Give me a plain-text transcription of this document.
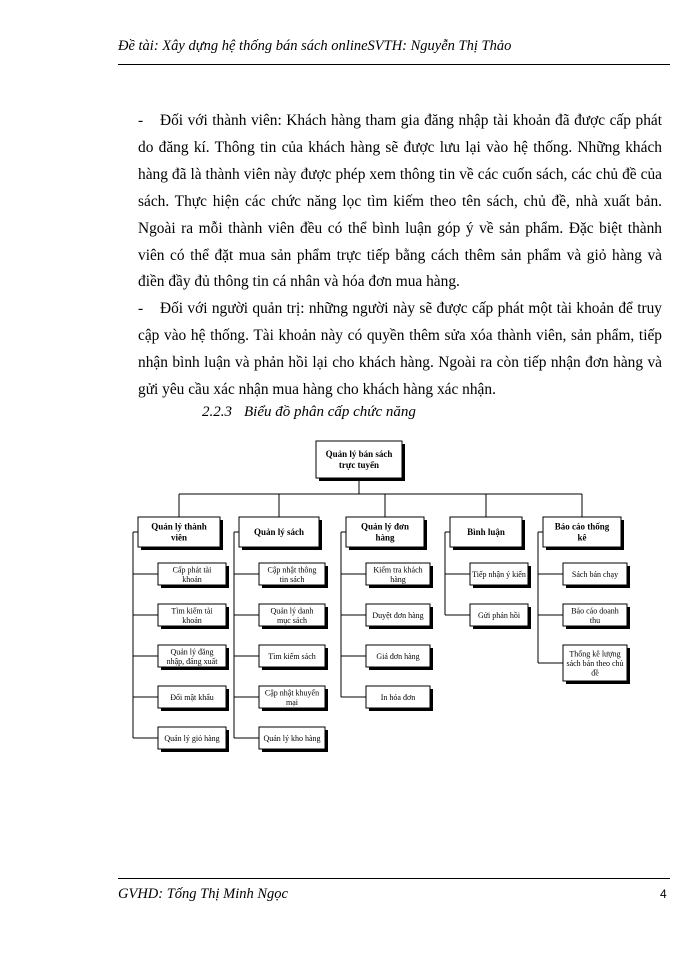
Đề tài: Xây dựng hệ thống bán sách onlineSVTH: Nguyễn Thị Thảo

- Đối với thành viên: Khách hàng tham gia đăng nhập tài khoản đã được cấp phát do đăng kí. Thông tin của khách hàng sẽ được lưu lại vào hệ thống. Những khách hàng đã là thành viên này được phép xem thông tin về các cuốn sách, các chủ đề của sách. Thực hiện các chức năng lọc tìm kiếm theo tên sách, chủ đề, nhà xuất bản. Ngoài ra mỗi thành viên đều có thể bình luận góp ý về sản phẩm. Đặc biệt thành viên có thể đặt mua sản phẩm trực tiếp bằng cách thêm sản phẩm và giỏ hàng và điền đầy đủ thông tin cá nhân và hóa đơn mua hàng.

- Đối với người quản trị: những người này sẽ được cấp phát một tài khoản để truy cập vào hệ thống. Tài khoản này có quyền thêm sửa xóa thành viên, sản phẩm, tiếp nhận bình luận và phản hồi lại cho khách hàng. Ngoài ra còn tiếp nhận đơn hàng và gửi yêu cầu xác nhận mua hàng cho khách hàng xác nhận.

2.2.3 Biểu đồ phân cấp chức năng
Quản lý bán sách
trực tuyến
Quản lý thành
viên
Cấp phát tài
khoản
Tìm kiếm tài
khoản
Quản lý đăng
nhập, đăng xuất
Đổi mật khẩu
Quản lý giỏ hàng
Quản lý sách
Cập nhật thông
tin sách
Quản lý danh
mục sách
Tìm kiếm sách
Cập nhật khuyến
mại
Quản lý kho hàng
Quản lý đơn
hàng
Kiểm tra khách
hàng
Duyệt đơn hàng
Giá đơn hàng
In hóa đơn
Bình luận
Tiếp nhận ý kiến
Gửi phản hồi
Báo cáo thống
kê
Sách bán chạy
Báo cáo doanh
thu
Thống kê lượng
sách bán theo chủ
đề
GVHD: Tống Thị Minh Ngọc	4
